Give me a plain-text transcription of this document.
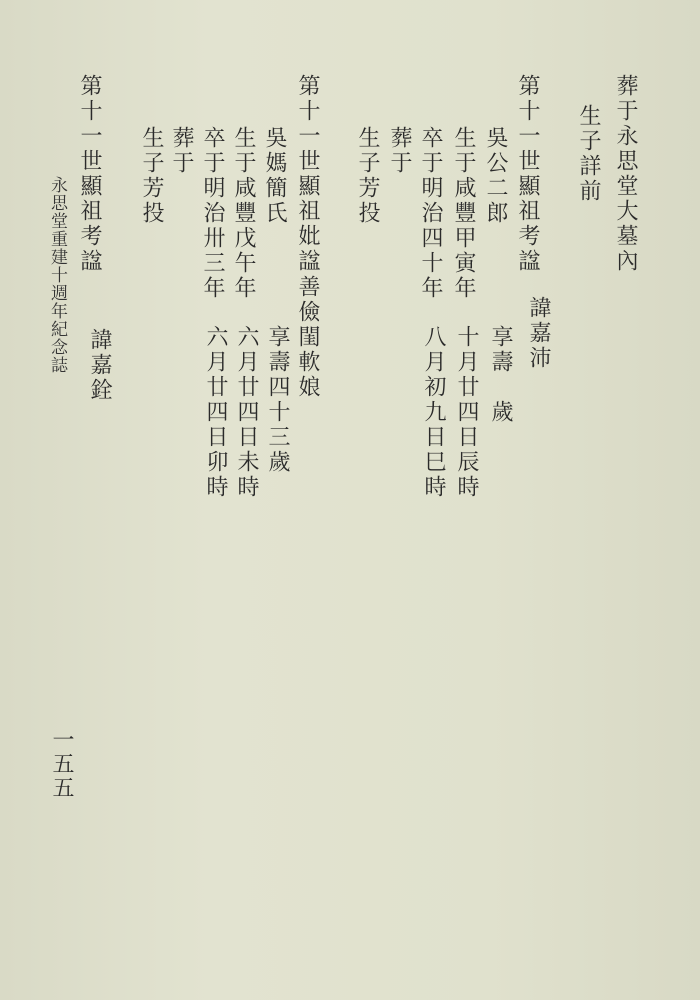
葬于永思堂大墓內
生子詳前
第十一世顯祖考諡
諱嘉沛
吳公二郎
享壽　歲
生于咸豐甲寅年
十月廿四日辰時
卒于明治四十年
八月初九日巳時
葬于
生子芳投
第十一世顯祖妣諡
善儉閨軟娘
吳媽簡氏
享壽四十三歲
生于咸豐戊午年
六月廿四日未時
卒于明治卅三年
六月廿四日卯時
葬于
生子芳投
第十一世顯祖考諡
諱嘉銓
永思堂重建十週年紀念誌
一五五
